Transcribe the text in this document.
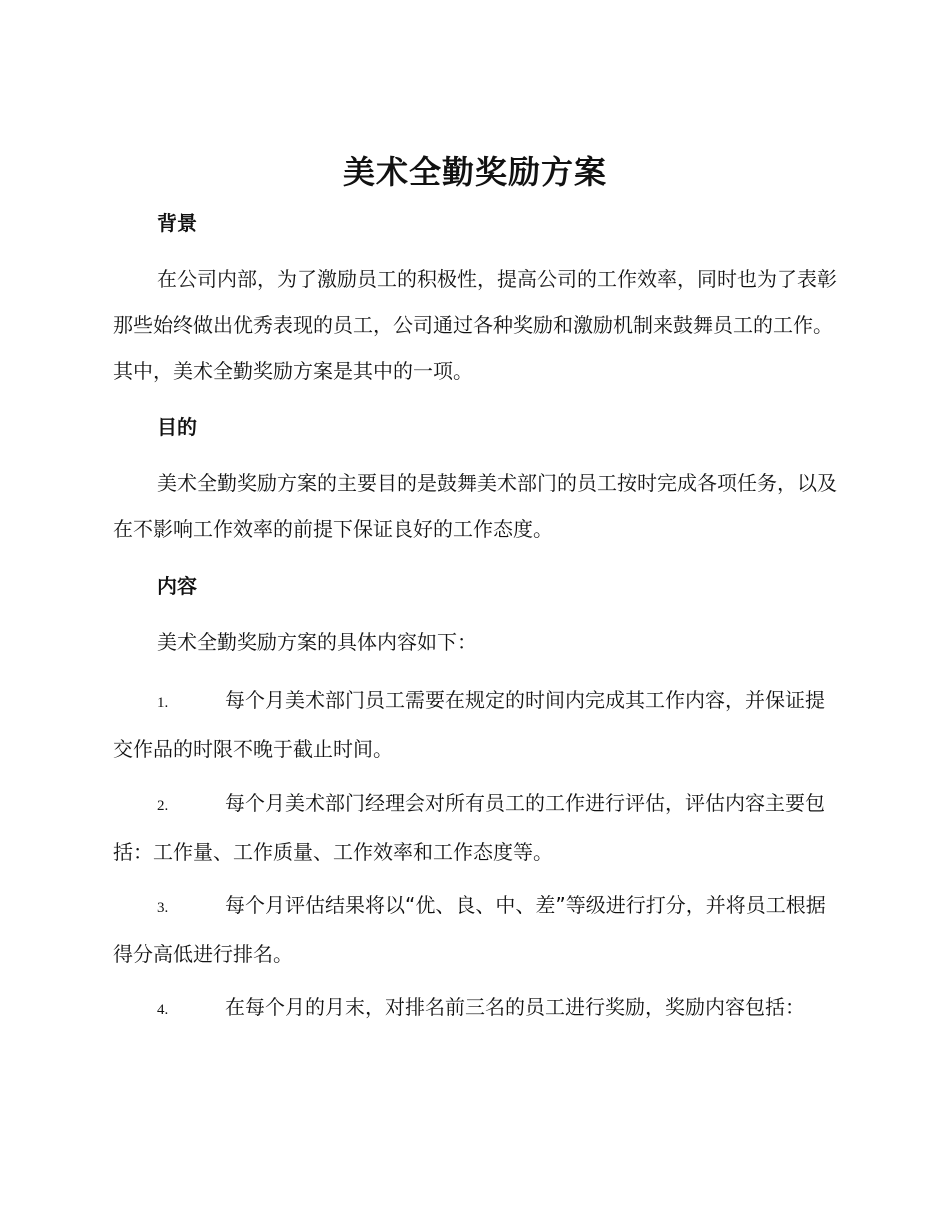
美术全勤奖励方案
背景
在公司内部，为了激励员工的积极性，提高公司的工作效率，同时也为了表彰那些始终做出优秀表现的员工，公司通过各种奖励和激励机制来鼓舞员工的工作。其中，美术全勤奖励方案是其中的一项。
目的
美术全勤奖励方案的主要目的是鼓舞美术部门的员工按时完成各项任务，以及在不影响工作效率的前提下保证良好的工作态度。
内容
美术全勤奖励方案的具体内容如下：
1.	每个月美术部门员工需要在规定的时间内完成其工作内容，并保证提交作品的时限不晚于截止时间。
2.	每个月美术部门经理会对所有员工的工作进行评估，评估内容主要包括：工作量、工作质量、工作效率和工作态度等。
3.	每个月评估结果将以“优、良、中、差”等级进行打分，并将员工根据得分高低进行排名。
4.	在每个月的月末，对排名前三名的员工进行奖励，奖励内容包括：
